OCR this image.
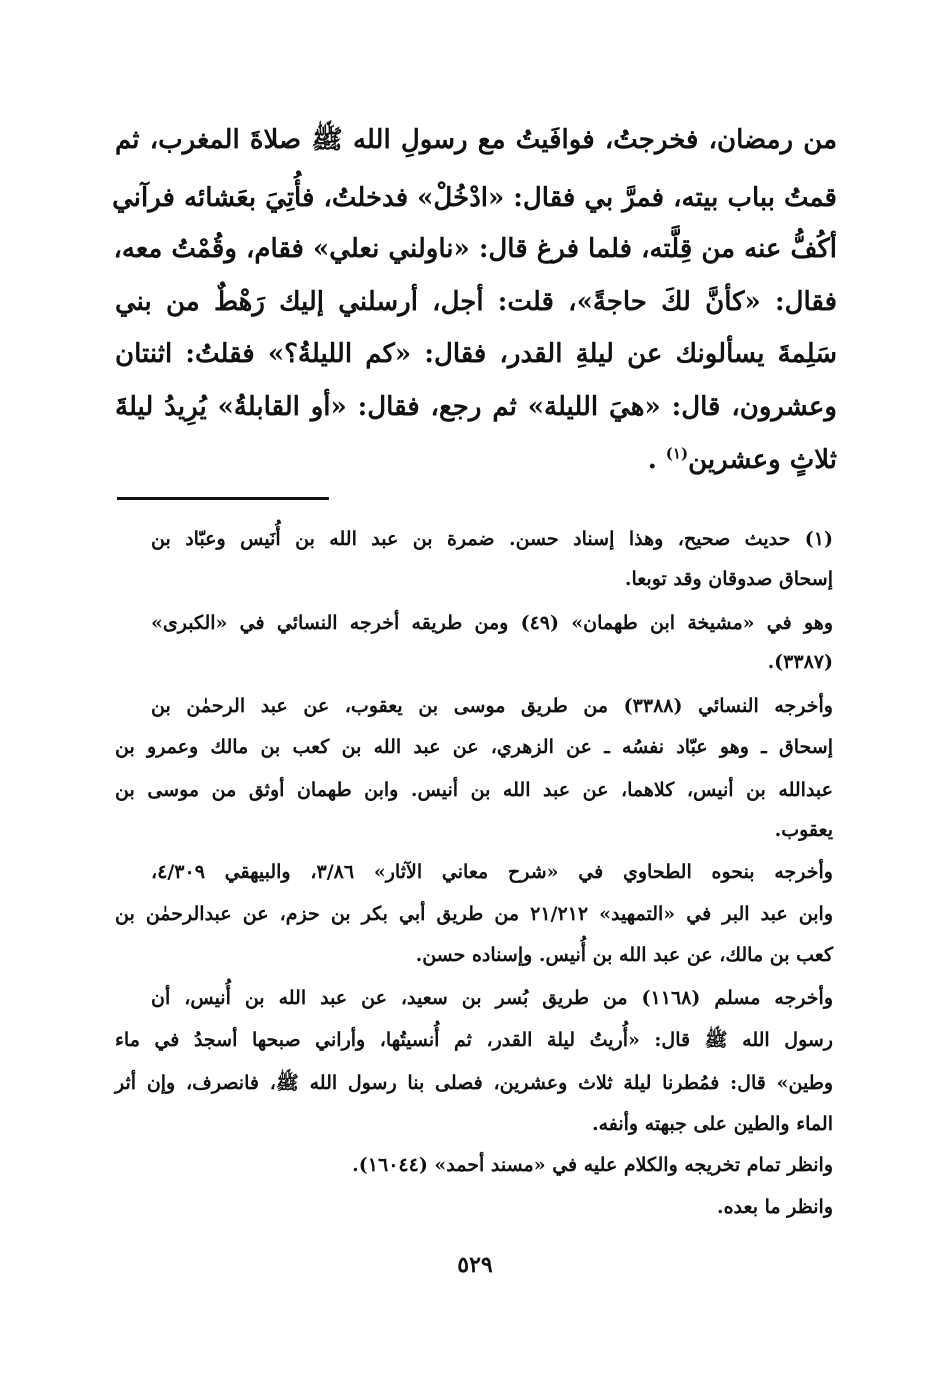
من رمضان، فخرجتُ، فوافَيتُ مع رسولِ الله ﷺ صلاةَ المغرب، ثم
قمتُ بباب بيته، فمرَّ بي فقال: «ادْخُلْ» فدخلتُ، فأُتِيَ بعَشائه فرآني
أكُفُّ عنه من قِلَّته، فلما فرغ قال: «ناولني نعلي» فقام، وقُمْتُ معه،
فقال: «كأنَّ لكَ حاجةً»، قلت: أجل، أرسلني إليك رَهْطٌ من بني
سَلِمةَ يسألونك عن ليلةِ القدر، فقال: «كم الليلةُ؟» فقلتُ: اثنتان
وعشرون، قال: «هيَ الليلة» ثم رجع، فقال: «أو القابلةُ» يُرِيدُ ليلةَ
ثلاثٍ وعشرين$^{(١)}$ .
(١) حديث صحيح، وهذا إسناد حسن. ضمرة بن عبد الله بن أُنَيس وعبّاد بن
إسحاق صدوقان وقد توبعا.
وهو في «مشيخة ابن طهمان» (٤٩) ومن طريقه أخرجه النسائي في «الكبرى»
(٣٣٨٧).
وأخرجه النسائي (٣٣٨٨) من طريق موسى بن يعقوب، عن عبد الرحمٰن بن
إسحاق ـ وهو عبّاد نفسُه ـ عن الزهري، عن عبد الله بن كعب بن مالك وعمرو بن
عبدالله بن أنيس، كلاهما، عن عبد الله بن أنيس. وابن طهمان أوثق من موسى بن
يعقوب.
وأخرجه بنحوه الطحاوي في «شرح معاني الآثار» ٣/٨٦، والبيهقي ٤/٣٠٩،
وابن عبد البر في «التمهيد» ٢١/٢١٢ من طريق أبي بكر بن حزم، عن عبدالرحمٰن بن
كعب بن مالك، عن عبد الله بن أُنيس. وإسناده حسن.
وأخرجه مسلم (١١٦٨) من طريق بُسر بن سعيد، عن عبد الله بن أُنيس، أن
رسول الله ﷺ قال: «أُريتُ ليلة القدر، ثم أُنسيتُها، وأراني صبحها أسجدُ في ماء
وطين» قال: فمُطرنا ليلة ثلاث وعشرين، فصلى بنا رسول الله ﷺ، فانصرف، وإن أثر
الماء والطين على جبهته وأنفه.
وانظر تمام تخريجه والكلام عليه في «مسند أحمد» (١٦٠٤٤).
وانظر ما بعده.
٥٢٩
